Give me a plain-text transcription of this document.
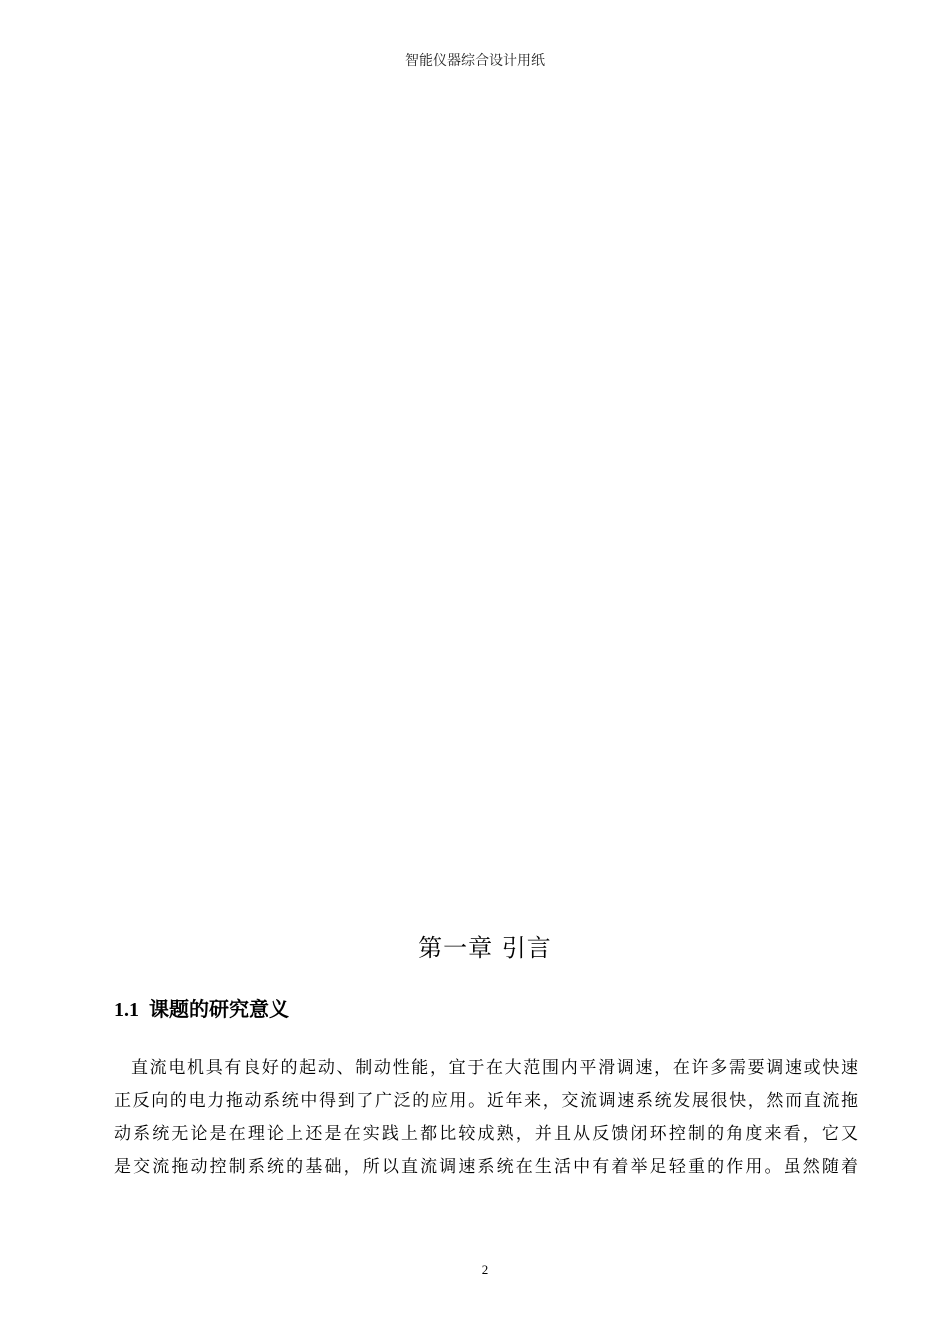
智能仪器综合设计用纸
第一章 引言
1.1 课题的研究意义
直流电机具有良好的起动、制动性能，宜于在大范围内平滑调速，在许多需要调速或快速
正反向的电力拖动系统中得到了广泛的应用。近年来，交流调速系统发展很快，然而直流拖
动系统无论是在理论上还是在实践上都比较成熟，并且从反馈闭环控制的角度来看，它又
是交流拖动控制系统的基础，所以直流调速系统在生活中有着举足轻重的作用。虽然随着
2
